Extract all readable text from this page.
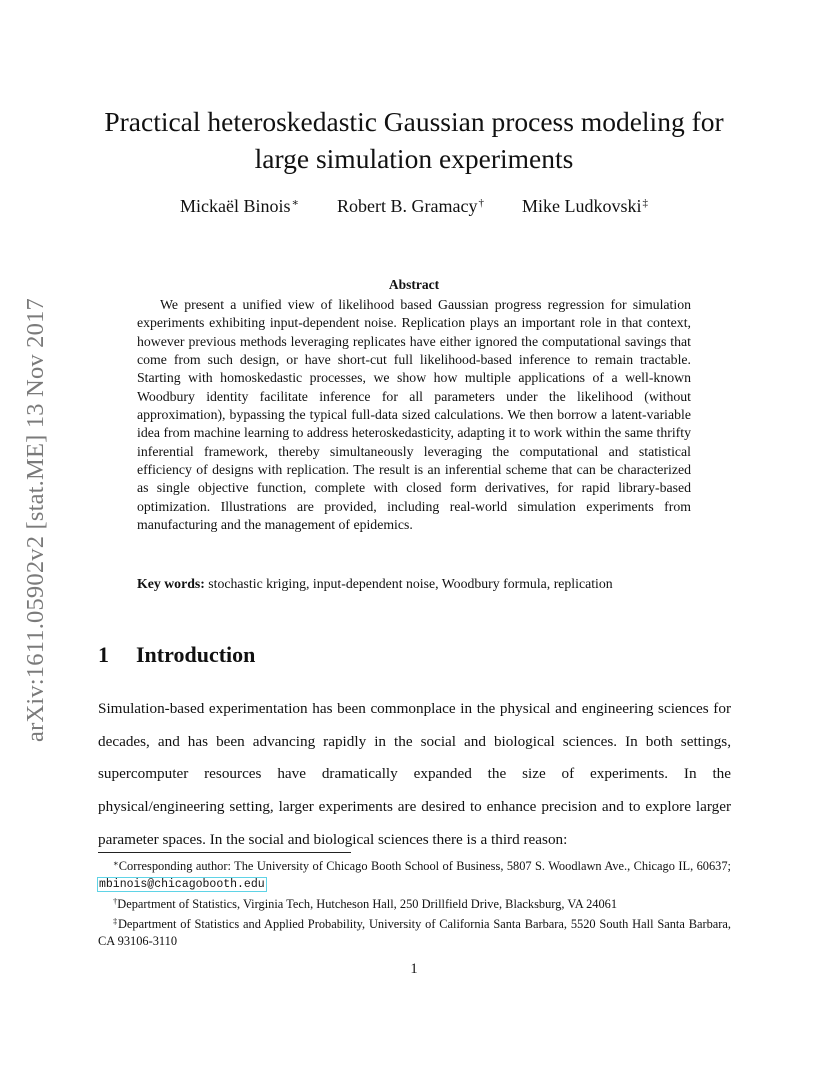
arXiv:1611.05902v2 [stat.ME] 13 Nov 2017
Practical heteroskedastic Gaussian process modeling for
large simulation experiments
Mickaël Binois∗ Robert B. Gramacy† Mike Ludkovski‡
Abstract

We present a unified view of likelihood based Gaussian progress regression for simulation experiments exhibiting input-dependent noise. Replication plays an important role in that context, however previous methods leveraging replicates have either ignored the computational savings that come from such design, or have short-cut full likelihood-based inference to remain tractable. Starting with homoskedastic processes, we show how multiple applications of a well-known Woodbury identity facilitate inference for all parameters under the likelihood (without approximation), bypassing the typical full-data sized calculations. We then borrow a latent-variable idea from machine learning to address heteroskedasticity, adapting it to work within the same thrifty inferential framework, thereby simultaneously leveraging the computational and statistical efficiency of designs with replication. The result is an inferential scheme that can be characterized as single objective function, complete with closed form derivatives, for rapid library-based optimization. Illustrations are provided, including real-world simulation experiments from manufacturing and the management of epidemics.

Key words: stochastic kriging, input-dependent noise, Woodbury formula, replication

1 Introduction

Simulation-based experimentation has been commonplace in the physical and engineering sciences for decades, and has been advancing rapidly in the social and biological sciences. In both settings, supercomputer resources have dramatically expanded the size of experiments. In the physical/engineering setting, larger experiments are desired to enhance precision and to explore larger parameter spaces. In the social and biological sciences there is a third reason:

∗Corresponding author: The University of Chicago Booth School of Business, 5807 S. Woodlawn Ave., Chicago IL, 60637; mbinois@chicagobooth.edu

†Department of Statistics, Virginia Tech, Hutcheson Hall, 250 Drillfield Drive, Blacksburg, VA 24061

‡Department of Statistics and Applied Probability, University of California Santa Barbara, 5520 South Hall Santa Barbara, CA 93106-3110

1
